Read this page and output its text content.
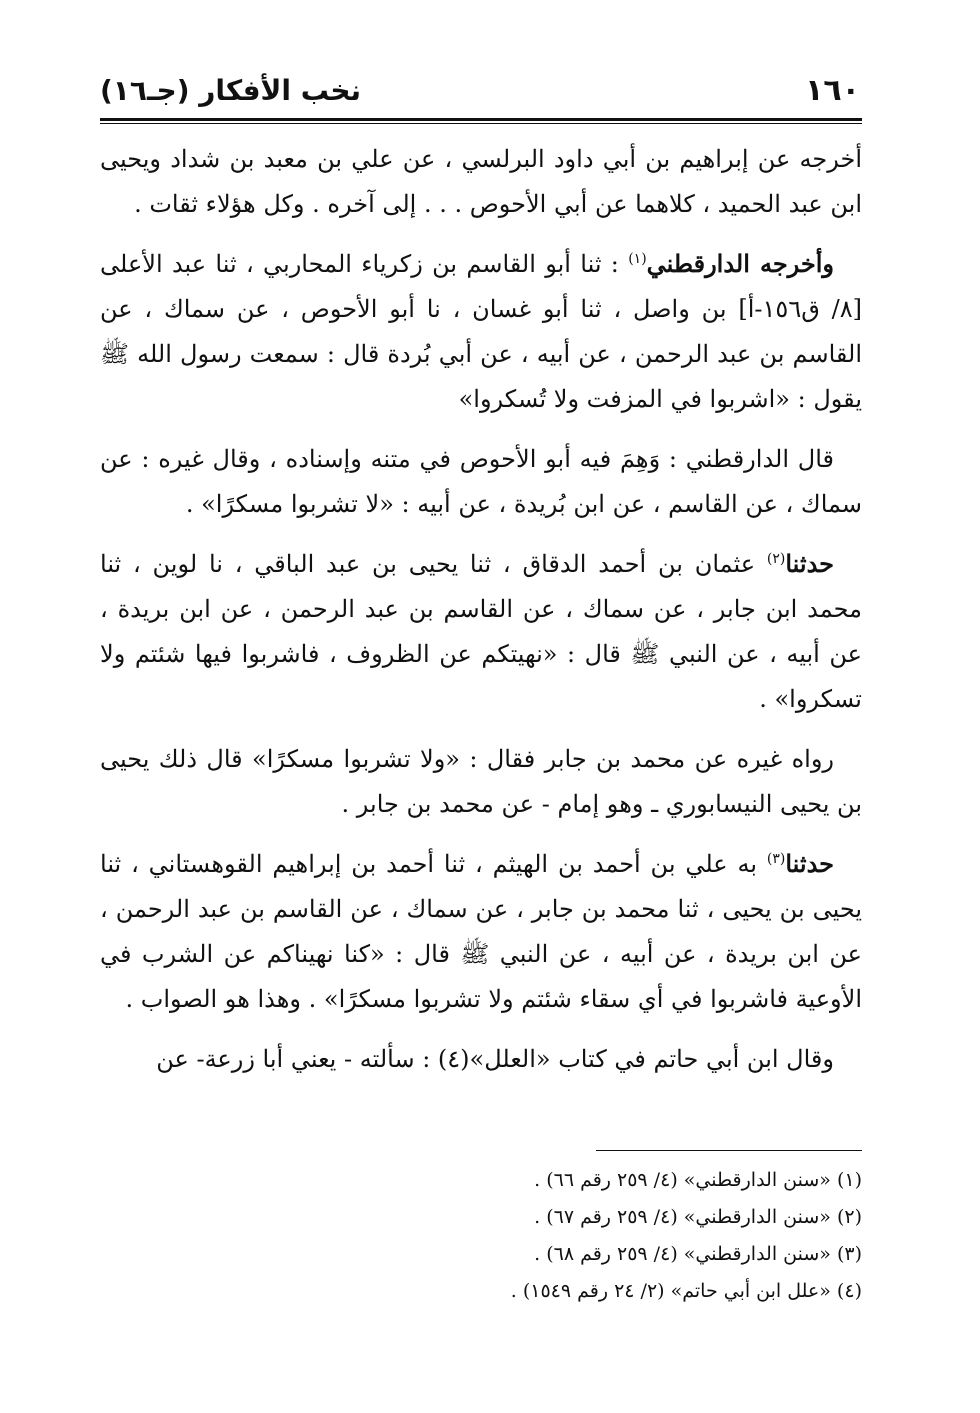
١٦٠
نخب الأفكار (جـ١٦)

أخرجه عن إبراهيم بن أبي داود البرلسي ، عن علي بن معبد بن شداد ويحيى ابن عبد الحميد ، كلاهما عن أبي الأحوص . . . إلى آخره . وكل هؤلاء ثقات .

وأخرجه الدارقطني$^{(١)}$ : ثنا أبو القاسم بن زكرياء المحاربي ، ثنا عبد الأعلى [٨/ ق١٥٦-أ] بن واصل ، ثنا أبو غسان ، نا أبو الأحوص ، عن سماك ، عن القاسم بن عبد الرحمن ، عن أبيه ، عن أبي بُردة قال : سمعت رسول الله ﷺ يقول : «اشربوا في المزفت ولا تُسكروا»

قال الدارقطني : وَهِمَ فيه أبو الأحوص في متنه وإسناده ، وقال غيره : عن سماك ، عن القاسم ، عن ابن بُريدة ، عن أبيه : «لا تشربوا مسكرًا» .

حدثنا$^{(٢)}$ عثمان بن أحمد الدقاق ، ثنا يحيى بن عبد الباقي ، نا لوين ، ثنا محمد ابن جابر ، عن سماك ، عن القاسم بن عبد الرحمن ، عن ابن بريدة ، عن أبيه ، عن النبي ﷺ قال : «نهيتكم عن الظروف ، فاشربوا فيها شئتم ولا تسكروا» .

رواه غيره عن محمد بن جابر فقال : «ولا تشربوا مسكرًا» قال ذلك يحيى بن يحيى النيسابوري ـ وهو إمام - عن محمد بن جابر .

حدثنا$^{(٣)}$ به علي بن أحمد بن الهيثم ، ثنا أحمد بن إبراهيم القوهستاني ، ثنا يحيى بن يحيى ، ثنا محمد بن جابر ، عن سماك ، عن القاسم بن عبد الرحمن ، عن ابن بريدة ، عن أبيه ، عن النبي ﷺ قال : «كنا نهيناكم عن الشرب في الأوعية فاشربوا في أي سقاء شئتم ولا تشربوا مسكرًا» . وهذا هو الصواب .

وقال ابن أبي حاتم في كتاب «العلل»(٤) : سألته - يعني أبا زرعة- عن

(١) «سنن الدارقطني» (٤/ ٢٥٩ رقم ٦٦) .
(٢) «سنن الدارقطني» (٤/ ٢٥٩ رقم ٦٧) .
(٣) «سنن الدارقطني» (٤/ ٢٥٩ رقم ٦٨) .
(٤) «علل ابن أبي حاتم» (٢/ ٢٤ رقم ١٥٤٩) .
